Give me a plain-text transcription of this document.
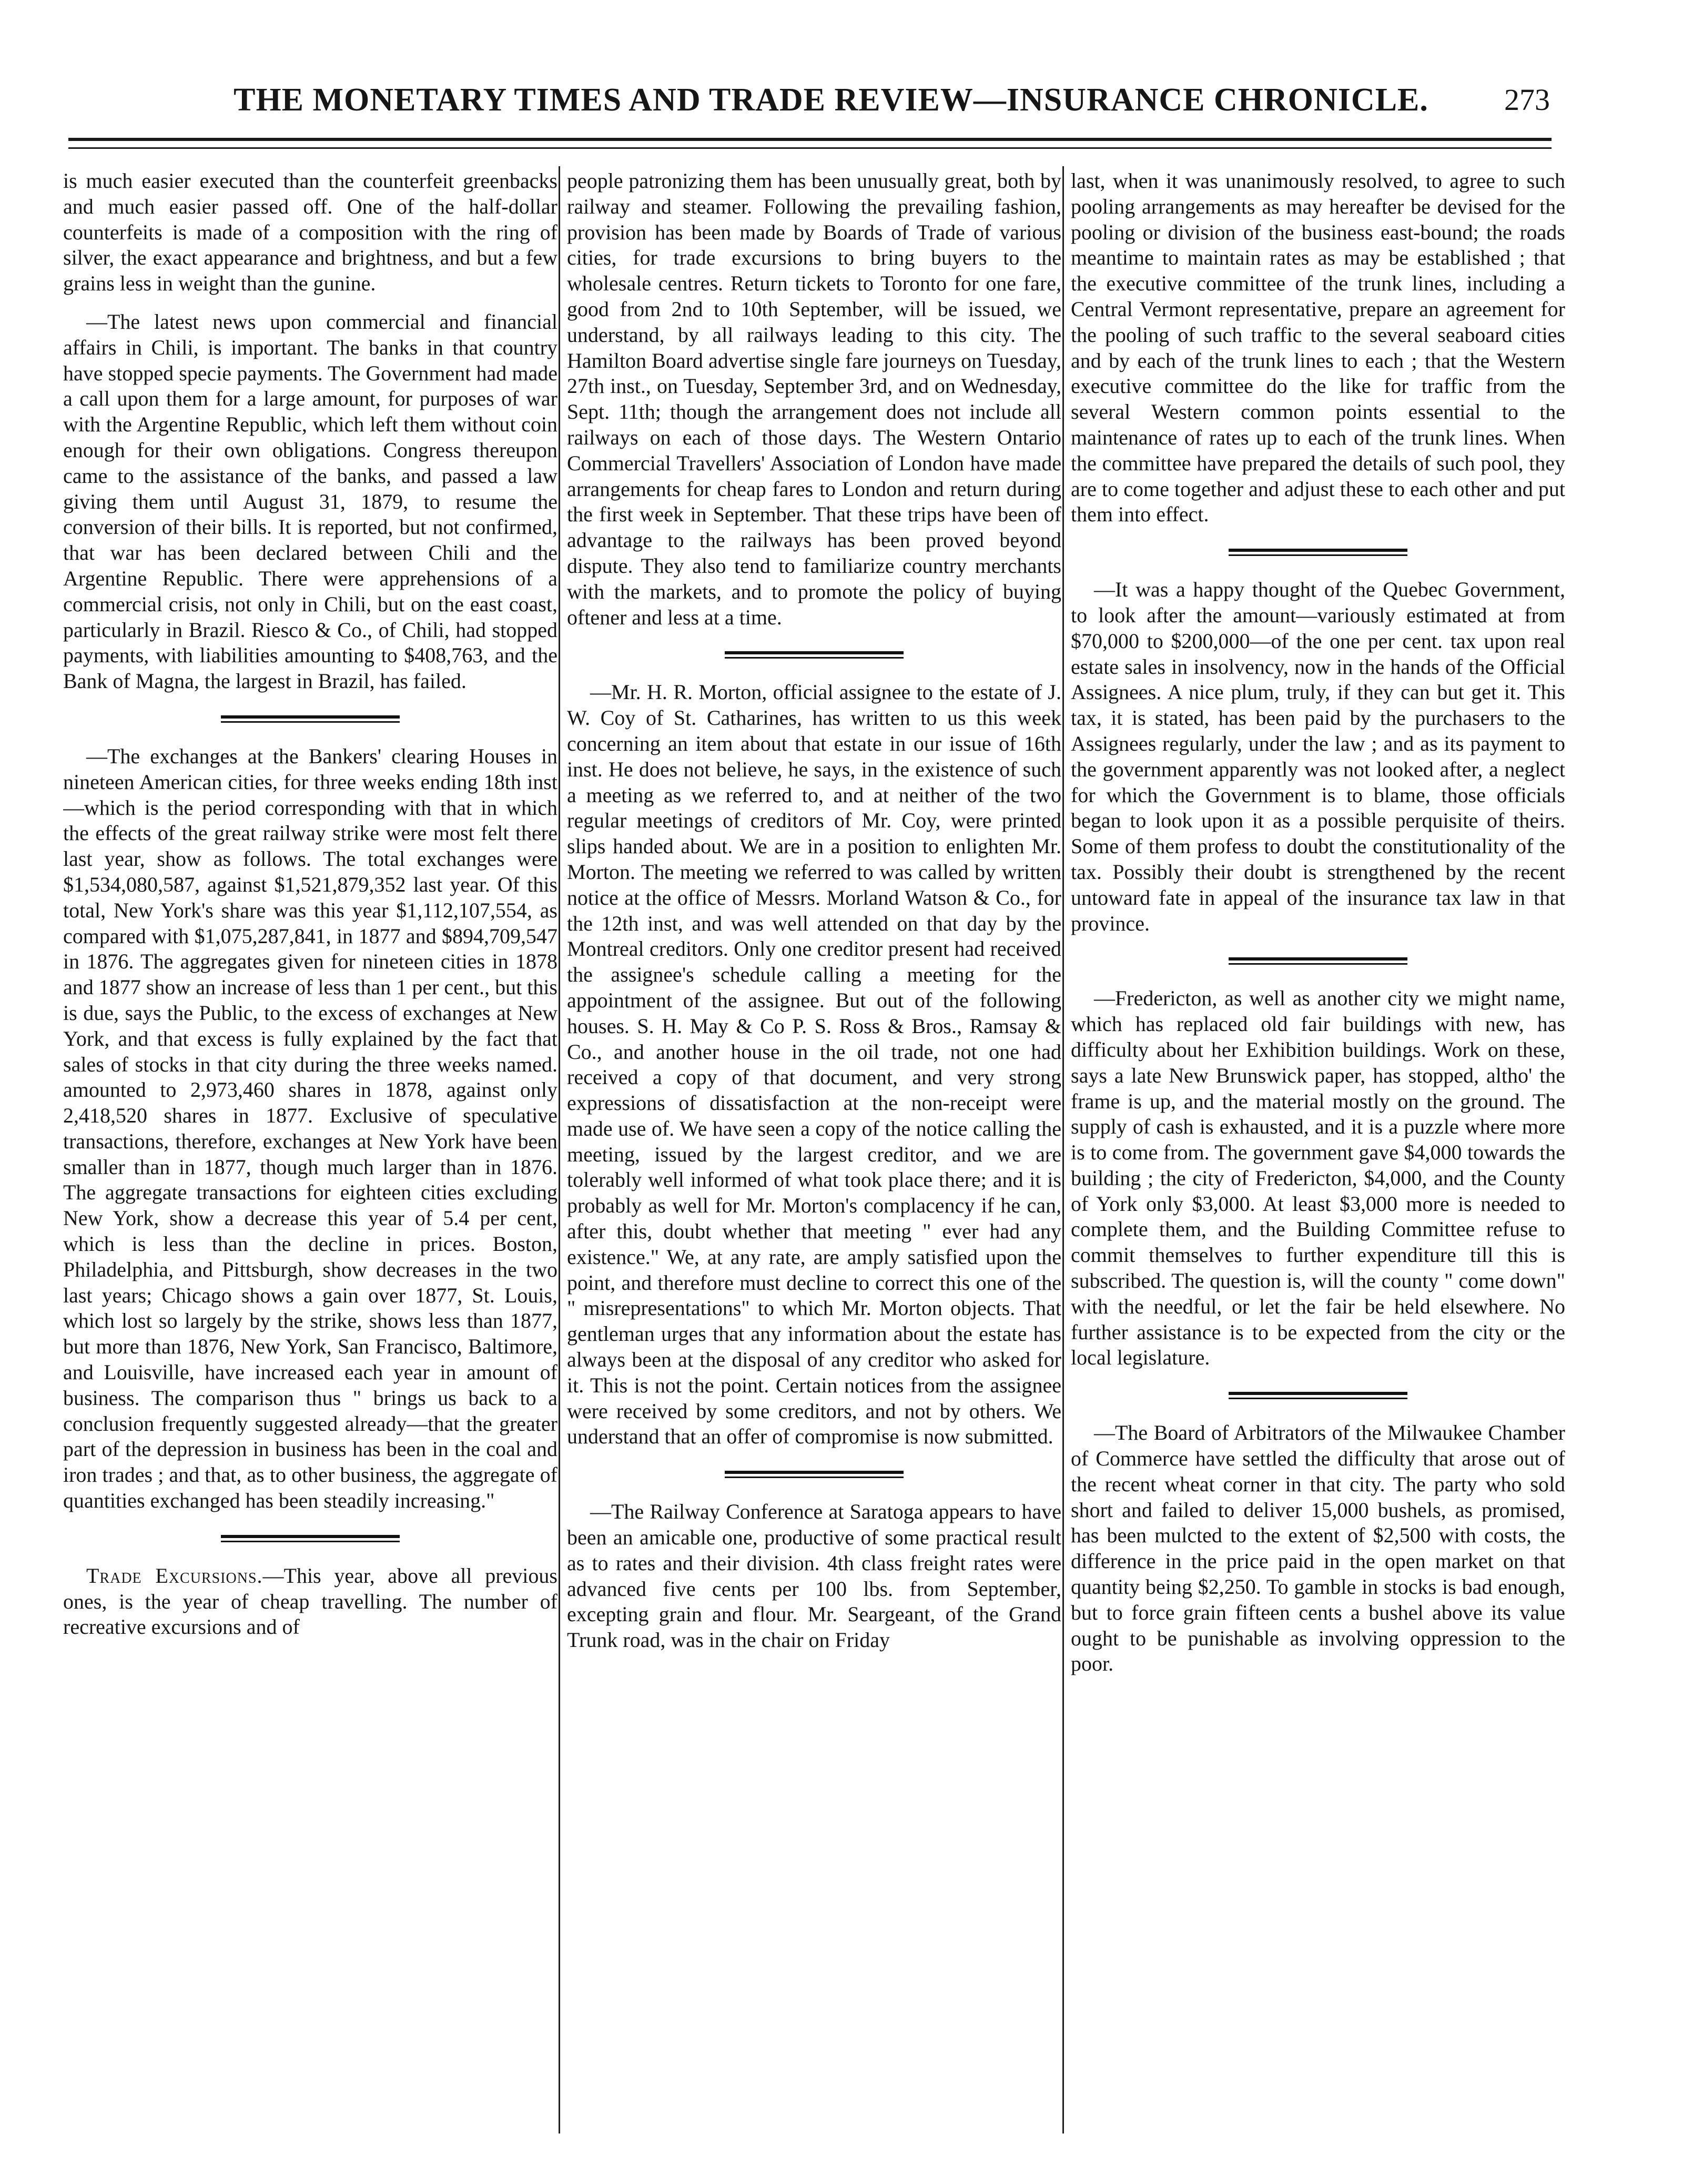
THE MONETARY TIMES AND TRADE REVIEW—INSURANCE CHRONICLE. 273

is much easier executed than the counterfeit greenbacks and much easier passed off. One of the half-dollar counterfeits is made of a composition with the ring of silver, the exact appearance and brightness, and but a few grains less in weight than the gunine.

—The latest news upon commercial and financial affairs in Chili, is important. The banks in that country have stopped specie payments. The Government had made a call upon them for a large amount, for purposes of war with the Argentine Republic, which left them without coin enough for their own obligations. Congress thereupon came to the assistance of the banks, and passed a law giving them until August 31, 1879, to resume the conversion of their bills. It is reported, but not confirmed, that war has been declared between Chili and the Argentine Republic. There were apprehensions of a commercial crisis, not only in Chili, but on the east coast, particularly in Brazil. Riesco & Co., of Chili, had stopped payments, with liabilities amounting to $408,763, and the Bank of Magna, the largest in Brazil, has failed.

—The exchanges at the Bankers' clearing Houses in nineteen American cities, for three weeks ending 18th inst—which is the period corresponding with that in which the effects of the great railway strike were most felt there last year, show as follows. The total exchanges were $1,534,080,587, against $1,521,879,352 last year. Of this total, New York's share was this year $1,112,107,554, as compared with $1,075,287,841, in 1877 and $894,709,547 in 1876. The aggregates given for nineteen cities in 1878 and 1877 show an increase of less than 1 per cent., but this is due, says the Public, to the excess of exchanges at New York, and that excess is fully explained by the fact that sales of stocks in that city during the three weeks named. amounted to 2,973,460 shares in 1878, against only 2,418,520 shares in 1877. Exclusive of speculative transactions, therefore, exchanges at New York have been smaller than in 1877, though much larger than in 1876. The aggregate transactions for eighteen cities excluding New York, show a decrease this year of 5.4 per cent, which is less than the decline in prices. Boston, Philadelphia, and Pittsburgh, show decreases in the two last years; Chicago shows a gain over 1877, St. Louis, which lost so largely by the strike, shows less than 1877, but more than 1876, New York, San Francisco, Baltimore, and Louisville, have increased each year in amount of business. The comparison thus " brings us back to a conclusion frequently suggested already—that the greater part of the depression in business has been in the coal and iron trades ; and that, as to other business, the aggregate of quantities exchanged has been steadily increasing."

Trade Excursions.—This year, above all previous ones, is the year of cheap travelling. The number of recreative excursions and of

people patronizing them has been unusually great, both by railway and steamer. Following the prevailing fashion, provision has been made by Boards of Trade of various cities, for trade excursions to bring buyers to the wholesale centres. Return tickets to Toronto for one fare, good from 2nd to 10th September, will be issued, we understand, by all railways leading to this city. The Hamilton Board advertise single fare journeys on Tuesday, 27th inst., on Tuesday, September 3rd, and on Wednesday, Sept. 11th; though the arrangement does not include all railways on each of those days. The Western Ontario Commercial Travellers' Association of London have made arrangements for cheap fares to London and return during the first week in September. That these trips have been of advantage to the railways has been proved beyond dispute. They also tend to familiarize country merchants with the markets, and to promote the policy of buying oftener and less at a time.

—Mr. H. R. Morton, official assignee to the estate of J. W. Coy of St. Catharines, has written to us this week concerning an item about that estate in our issue of 16th inst. He does not believe, he says, in the existence of such a meeting as we referred to, and at neither of the two regular meetings of creditors of Mr. Coy, were printed slips handed about. We are in a position to enlighten Mr. Morton. The meeting we referred to was called by written notice at the office of Messrs. Morland Watson & Co., for the 12th inst, and was well attended on that day by the Montreal creditors. Only one creditor present had received the assignee's schedule calling a meeting for the appointment of the assignee. But out of the following houses. S. H. May & Co P. S. Ross & Bros., Ramsay & Co., and another house in the oil trade, not one had received a copy of that document, and very strong expressions of dissatisfaction at the non-receipt were made use of. We have seen a copy of the notice calling the meeting, issued by the largest creditor, and we are tolerably well informed of what took place there; and it is probably as well for Mr. Morton's complacency if he can, after this, doubt whether that meeting " ever had any existence." We, at any rate, are amply satisfied upon the point, and therefore must decline to correct this one of the " misrepresentations" to which Mr. Morton objects. That gentleman urges that any information about the estate has always been at the disposal of any creditor who asked for it. This is not the point. Certain notices from the assignee were received by some creditors, and not by others. We understand that an offer of compromise is now submitted.

—The Railway Conference at Saratoga appears to have been an amicable one, productive of some practical result as to rates and their division. 4th class freight rates were advanced five cents per 100 lbs. from September, excepting grain and flour. Mr. Seargeant, of the Grand Trunk road, was in the chair on Friday

last, when it was unanimously resolved, to agree to such pooling arrangements as may hereafter be devised for the pooling or division of the business east-bound; the roads meantime to maintain rates as may be established ; that the executive committee of the trunk lines, including a Central Vermont representative, prepare an agreement for the pooling of such traffic to the several seaboard cities and by each of the trunk lines to each ; that the Western executive committee do the like for traffic from the several Western common points essential to the maintenance of rates up to each of the trunk lines. When the committee have prepared the details of such pool, they are to come together and adjust these to each other and put them into effect.

—It was a happy thought of the Quebec Government, to look after the amount—variously estimated at from $70,000 to $200,000—of the one per cent. tax upon real estate sales in insolvency, now in the hands of the Official Assignees. A nice plum, truly, if they can but get it. This tax, it is stated, has been paid by the purchasers to the Assignees regularly, under the law ; and as its payment to the government apparently was not looked after, a neglect for which the Government is to blame, those officials began to look upon it as a possible perquisite of theirs. Some of them profess to doubt the constitutionality of the tax. Possibly their doubt is strengthened by the recent untoward fate in appeal of the insurance tax law in that province.

—Fredericton, as well as another city we might name, which has replaced old fair buildings with new, has difficulty about her Exhibition buildings. Work on these, says a late New Brunswick paper, has stopped, altho' the frame is up, and the material mostly on the ground. The supply of cash is exhausted, and it is a puzzle where more is to come from. The government gave $4,000 towards the building ; the city of Fredericton, $4,000, and the County of York only $3,000. At least $3,000 more is needed to complete them, and the Building Committee refuse to commit themselves to further expenditure till this is subscribed. The question is, will the county " come down" with the needful, or let the fair be held elsewhere. No further assistance is to be expected from the city or the local legislature.

—The Board of Arbitrators of the Milwaukee Chamber of Commerce have settled the difficulty that arose out of the recent wheat corner in that city. The party who sold short and failed to deliver 15,000 bushels, as promised, has been mulcted to the extent of $2,500 with costs, the difference in the price paid in the open market on that quantity being $2,250. To gamble in stocks is bad enough, but to force grain fifteen cents a bushel above its value ought to be punishable as involving oppression to the poor.
